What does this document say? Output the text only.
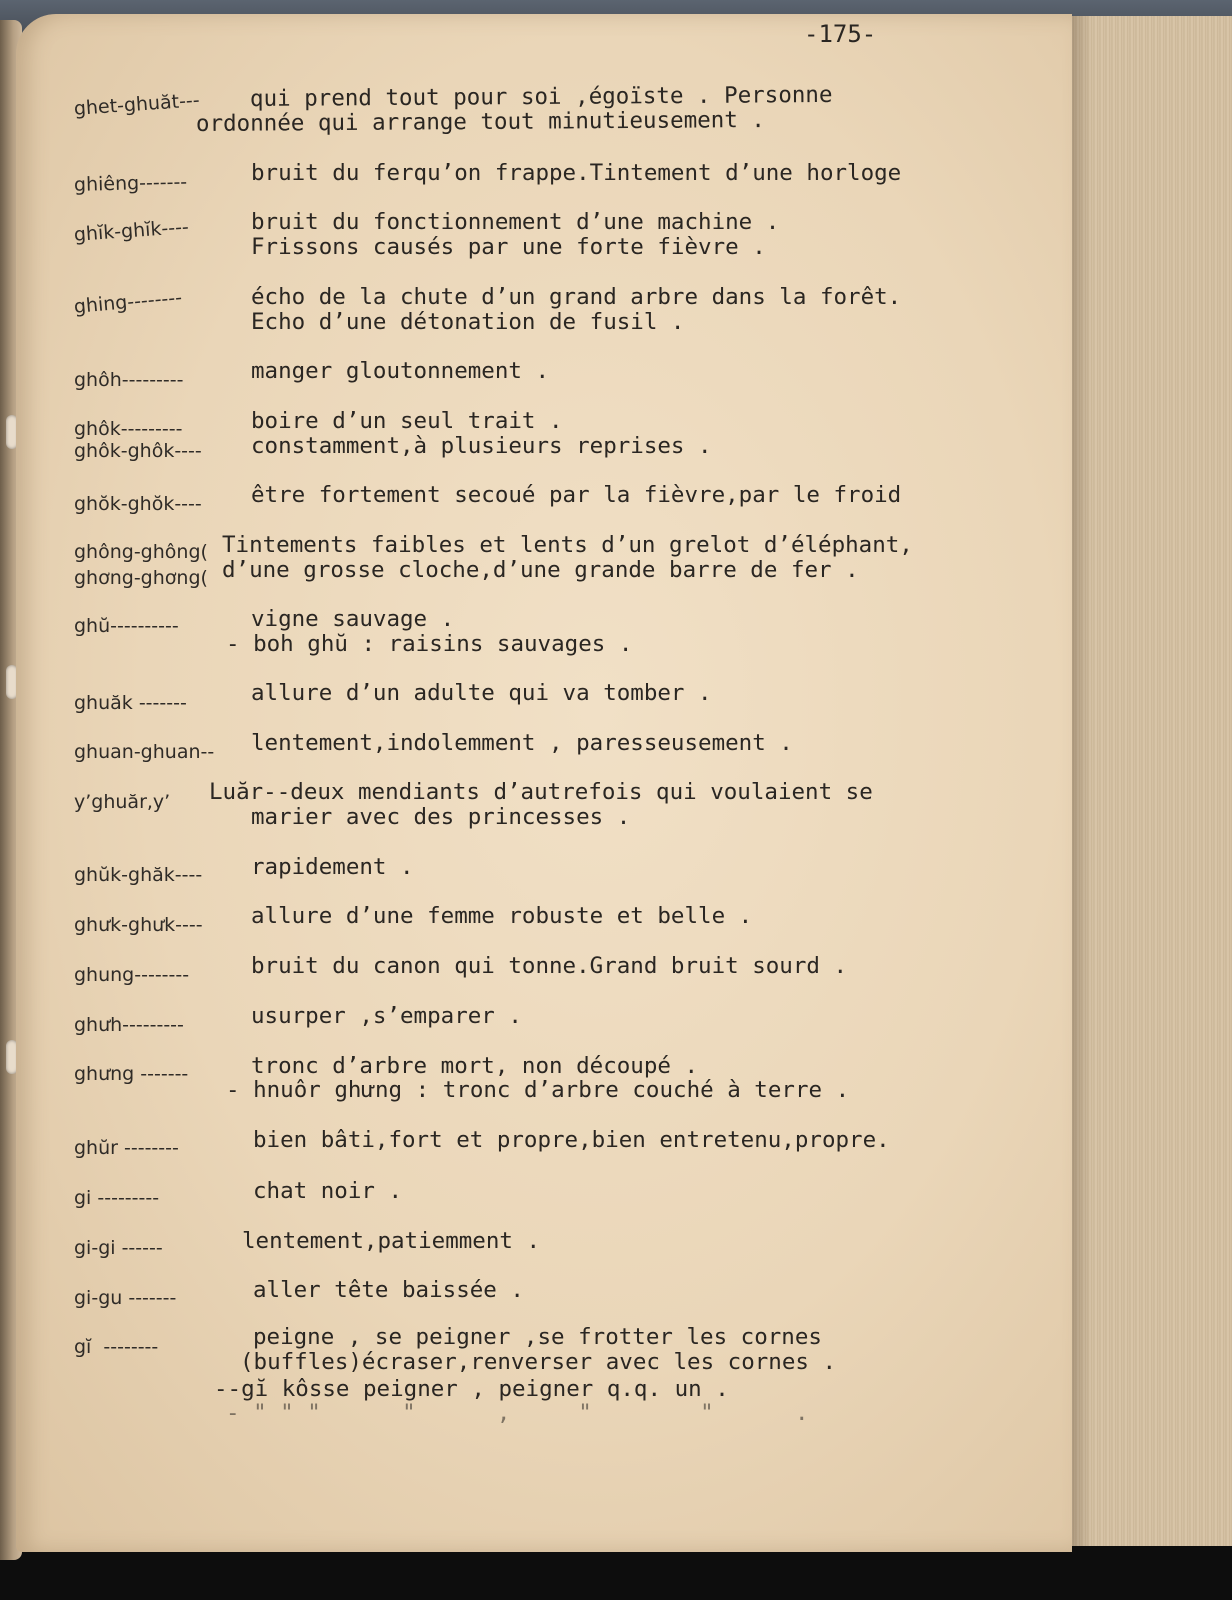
-175-
ghet-ghuăt--- qui prend tout pour soi ,égoïste . Personne
ordonnée qui arrange tout minutieusement .
ghiêng-------	bruit du ferqu’on frappe.Tintement d’une horloge
ghĭk-ghĭk----	bruit du fonctionnement d’une machine .
Frissons causés par une forte fièvre .
ghing--------	écho de la chute d’un grand arbre dans la forêt.
Echo d’une détonation de fusil .
ghôh---------	manger gloutonnement .
ghôk---------	boire d’un seul trait .
ghôk-ghôk---- constamment,à plusieurs reprises .
ghŏk-ghŏk---- être fortement secoué par la fièvre,par le froid
ghông-ghông( Tintements faibles et lents d’un grelot d’éléphant,
ghơng-ghơng( d’une grosse cloche,d’une grande barre de fer .
ghŭ----------	vigne sauvage .
- boh ghŭ : raisins sauvages .
ghuăk -------	allure d’un adulte qui va tomber .
ghuan-ghuan-- lentement,indolemment , paresseusement .
y’ghuăr,y’ Luăr--deux mendiants d’autrefois qui voulaient se
marier avec des princesses .
ghŭk-ghăk---- rapidement .
ghưk-ghưk---- allure d’une femme robuste et belle .
ghung--------	bruit du canon qui tonne.Grand bruit sourd .
ghưh---------	usurper ,s’emparer .
ghưng -------	tronc d’arbre mort, non découpé .
- hnuôr ghưng : tronc d’arbre couché à terre .
ghŭr --------	bien bâti,fort et propre,bien entretenu,propre.
gi ---------	chat noir .
gi-gi ------	lentement,patiemment .
gi-gu -------	aller tête baissée .
gĭ  --------	peigne , se peigner ,se frotter les cornes
(buffles)écraser,renverser avec les cornes .
--gĭ kôsse peigner , peigner q.q. un .
- " " "      "      ,     "        "      .
